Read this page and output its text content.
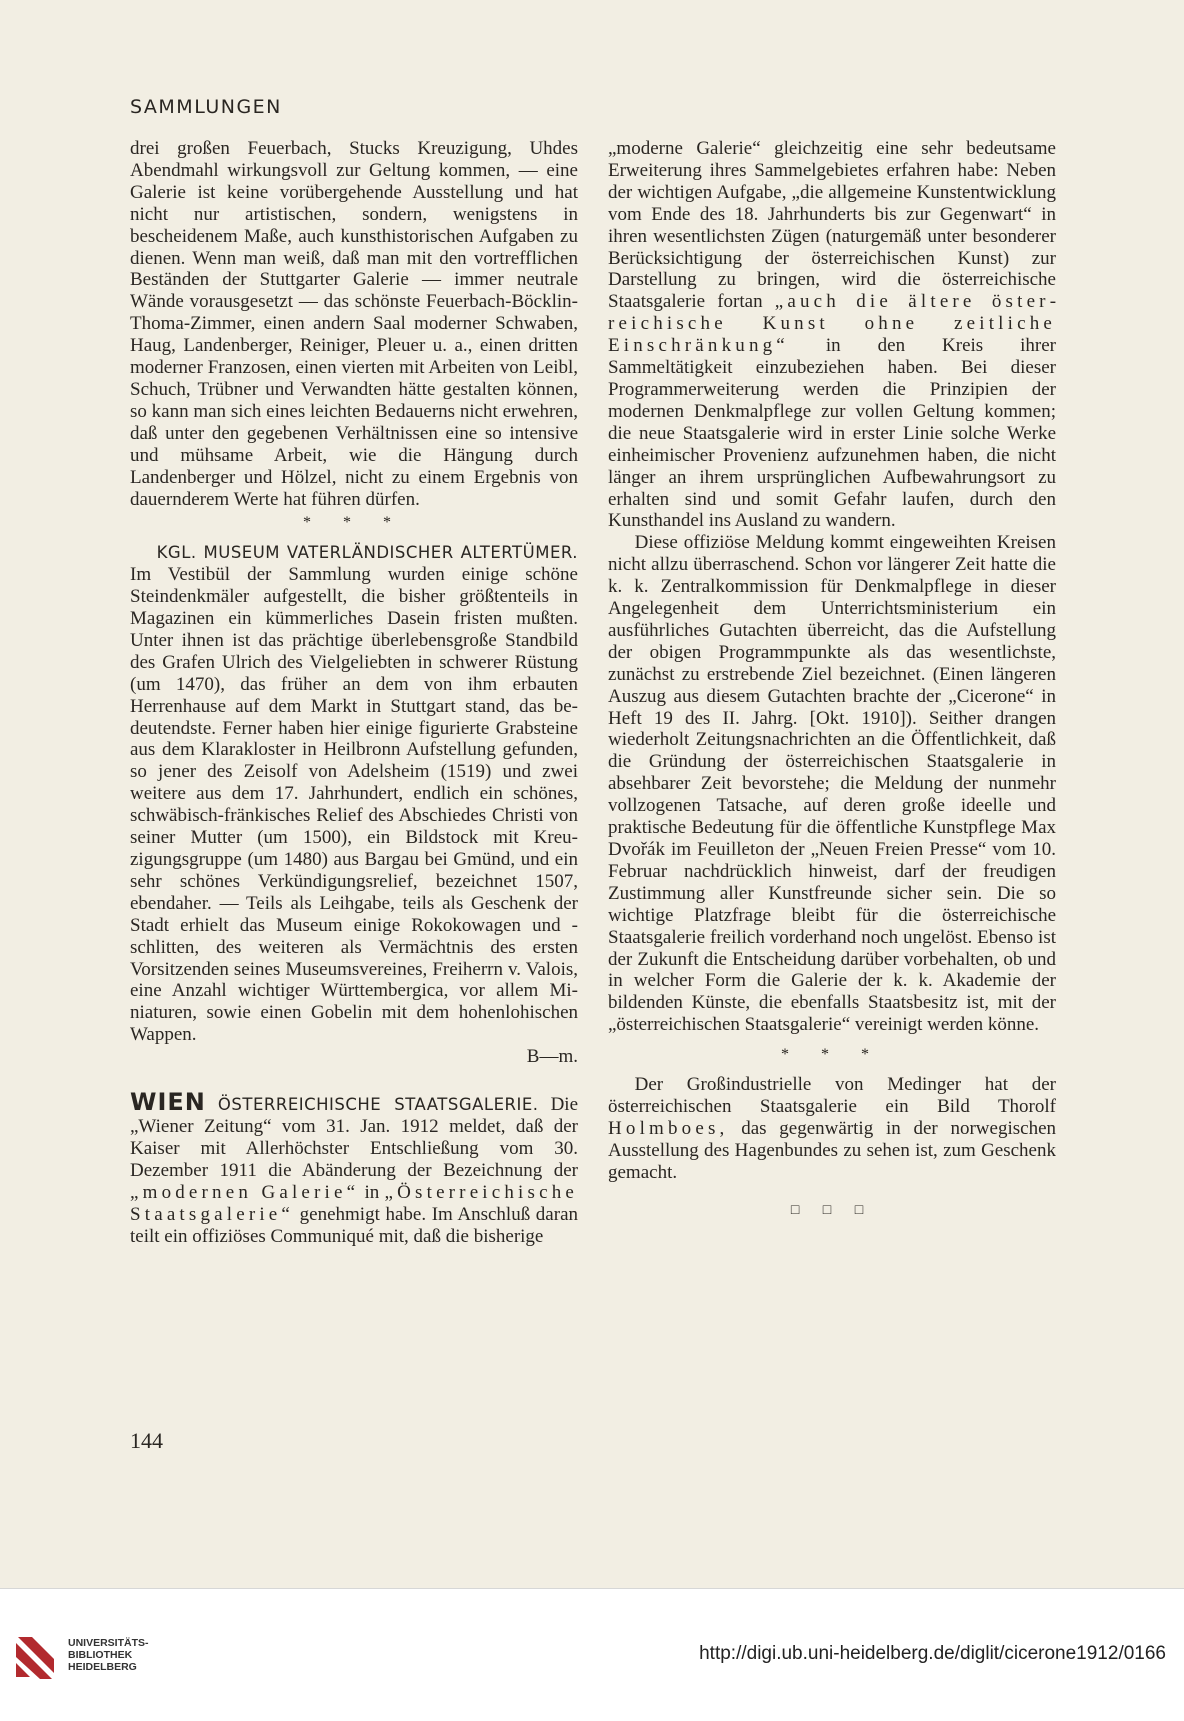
SAMMLUNGEN

drei großen Feuerbach, Stucks Kreuzigung, Uhdes Abendmahl wirkungsvoll zur Geltung kommen, — eine Galerie ist keine vorübergehende Ausstellung und hat nicht nur artistischen, sondern, wenigstens in bescheidenem Maße, auch kunsthistorischen Aufgaben zu dienen. Wenn man weiß, daß man mit den vortrefflichen Beständen der Stuttgarter Galerie — immer neutrale Wände vorausgesetzt — das schönste Feuerbach-Böcklin-Thoma-Zimmer, einen andern Saal moderner Schwaben, Haug, Landenberger, Reiniger, Pleuer u. a., einen dritten moderner Franzosen, einen vierten mit Arbeiten von Leibl, Schuch, Trübner und Verwandten hätte gestalten können, so kann man sich eines leichten Bedauerns nicht erwehren, daß unter den gegebenen Verhältnissen eine so intensive und mühsame Arbeit, wie die Hängung durch Landenberger und Hölzel, nicht zu einem Ergebnis von dauernderem Werte hat führen dürfen.

* * *

KGL. MUSEUM VATERLÄNDISCHER ALTERTÜMER. Im Vestibül der Sammlung wurden einige schöne Steindenkmäler aufgestellt, die bisher größtenteils in Magazinen ein kümmerliches Dasein fristen mußten. Unter ihnen ist das prächtige überlebensgroße Standbild des Grafen Ulrich des Vielgeliebten in schwerer Rüstung (um 1470), das früher an dem von ihm erbauten Herrenhause auf dem Markt in Stuttgart stand, das bedeutendste. Ferner haben hier einige figurierte Grabsteine aus dem Klarakloster in Heilbronn Aufstellung gefunden, so jener des Zeisolf von Adelsheim (1519) und zwei weitere aus dem 17. Jahrhundert, endlich ein schönes, schwäbisch-fränkisches Relief des Abschiedes Christi von seiner Mutter (um 1500), ein Bildstock mit Kreuzigungsgruppe (um 1480) aus Bargau bei Gmünd, und ein sehr schönes Verkündigungsrelief, bezeichnet 1507, ebendaher. — Teils als Leihgabe, teils als Geschenk der Stadt erhielt das Museum einige Rokokowagen und -schlitten, des weiteren als Vermächtnis des ersten Vorsitzenden seines Museumsvereines, Freiherrn v. Valois, eine Anzahl wichtiger Württembergica, vor allem Miniaturen, sowie einen Gobelin mit dem hohenlohischen Wappen.

B—m.

WIEN ÖSTERREICHISCHE STAATSGALERIE. Die „Wiener Zeitung“ vom 31. Jan. 1912 meldet, daß der Kaiser mit Allerhöchster Entschließung vom 30. Dezember 1911 die Abänderung der Bezeichnung der „modernen Galerie“ in „Österreichische Staatsgalerie“ genehmigt habe. Im Anschluß daran teilt ein offiziöses Communiqué mit, daß die bisherige

„moderne Galerie“ gleichzeitig eine sehr bedeutsame Erweiterung ihres Sammelgebietes erfahren habe: Neben der wichtigen Aufgabe, „die allgemeine Kunstentwicklung vom Ende des 18. Jahrhunderts bis zur Gegenwart“ in ihren wesentlichsten Zügen (naturgemäß unter besonderer Berücksichtigung der österreichischen Kunst) zur Darstellung zu bringen, wird die österreichische Staatsgalerie fortan „auch die ältere österreichische Kunst ohne zeitliche Einschränkung“ in den Kreis ihrer Sammeltätigkeit einzubeziehen haben. Bei dieser Programmerweiterung werden die Prinzipien der modernen Denkmalpflege zur vollen Geltung kommen; die neue Staatsgalerie wird in erster Linie solche Werke einheimischer Provenienz aufzunehmen haben, die nicht länger an ihrem ursprünglichen Aufbewahrungsort zu erhalten sind und somit Gefahr laufen, durch den Kunsthandel ins Ausland zu wandern.

Diese offiziöse Meldung kommt eingeweihten Kreisen nicht allzu überraschend. Schon vor längerer Zeit hatte die k. k. Zentralkommission für Denkmalpflege in dieser Angelegenheit dem Unterrichtsministerium ein ausführliches Gutachten überreicht, das die Aufstellung der obigen Programmpunkte als das wesentlichste, zunächst zu erstrebende Ziel bezeichnet. (Einen längeren Auszug aus diesem Gutachten brachte der „Cicerone“ in Heft 19 des II. Jahrg. [Okt. 1910]). Seither drangen wiederholt Zeitungsnachrichten an die Öffentlichkeit, daß die Gründung der österreichischen Staatsgalerie in absehbarer Zeit bevorstehe; die Meldung der nunmehr vollzogenen Tatsache, auf deren große ideelle und praktische Bedeutung für die öffentliche Kunstpflege Max Dvořák im Feuilleton der „Neuen Freien Presse“ vom 10. Februar nachdrücklich hinweist, darf der freudigen Zustimmung aller Kunstfreunde sicher sein. Die so wichtige Platzfrage bleibt für die österreichische Staatsgalerie freilich vorderhand noch ungelöst. Ebenso ist der Zukunft die Entscheidung darüber vorbehalten, ob und in welcher Form die Galerie der k. k. Akademie der bildenden Künste, die ebenfalls Staatsbesitz ist, mit der „österreichischen Staatsgalerie“ vereinigt werden könne.

* * *

Der Großindustrielle von Medinger hat der österreichischen Staatsgalerie ein Bild Thorolf Holmboes, das gegenwärtig in der norwegischen Ausstellung des Hagenbundes zu sehen ist, zum Geschenk gemacht.

□ □ □
144
UNIVERSITÄTS-
BIBLIOTHEK
HEIDELBERG
http://digi.ub.uni-heidelberg.de/diglit/cicerone1912/0166
